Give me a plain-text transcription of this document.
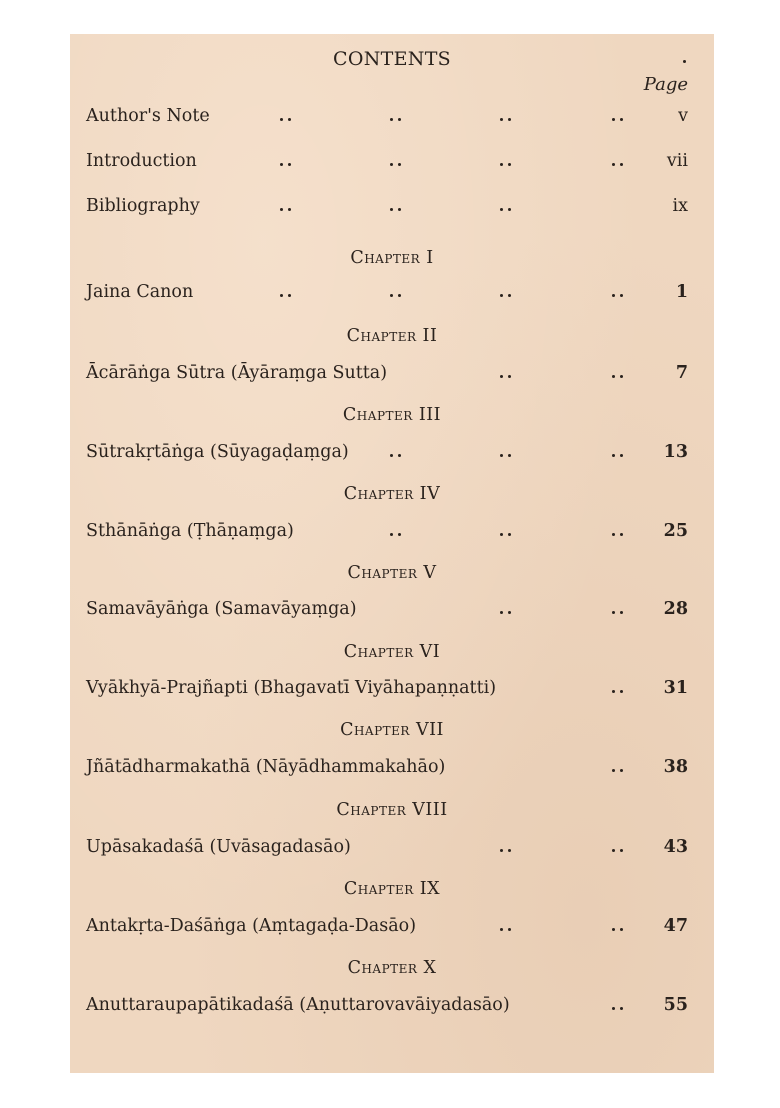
CONTENTS
Page
Author's Note	v
Introduction	vii
Bibliography	ix
Chapter I
Jaina Canon	1
Chapter II
Ācārāṅga Sūtra (Āyāraṃga Sutta)	7
Chapter III
Sūtrakṛtāṅga (Sūyagaḍaṃga)	13
Chapter IV
Sthānāṅga (Ṭhāṇaṃga)	25
Chapter V
Samavāyāṅga (Samavāyaṃga)	28
Chapter VI
Vyākhyā-Prajñapti (Bhagavatī Viyāhapaṇṇatti)	31
Chapter VII
Jñātādharmakathā (Nāyādhammakahāo)	38
Chapter VIII
Upāsakadaśā (Uvāsagadasāo)	43
Chapter IX
Antakṛta-Daśāṅga (Aṃtagaḍa-Dasāo)	47
Chapter X
Anuttaraupapātikadaśā (Aṇuttarovavāiyadasāo)	55
